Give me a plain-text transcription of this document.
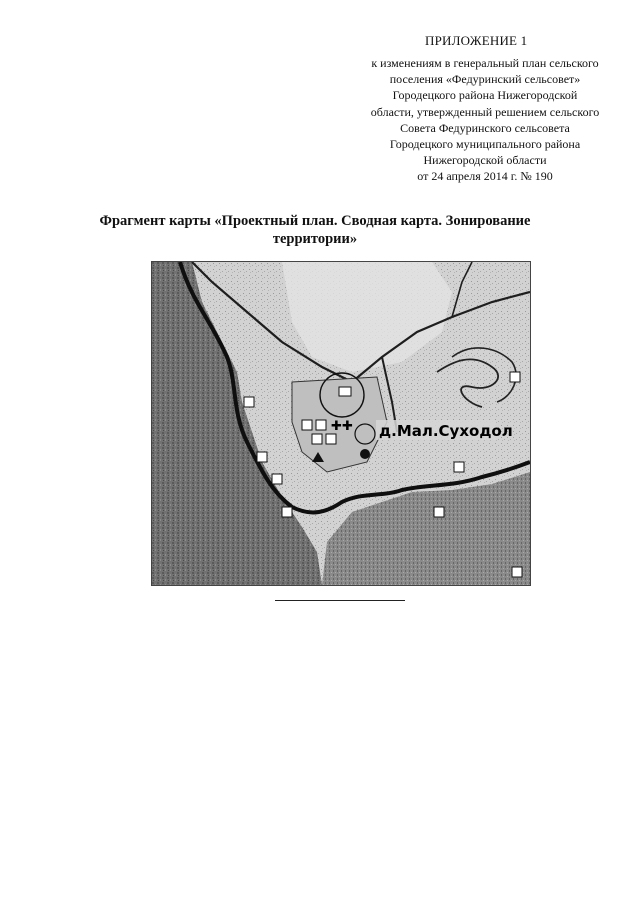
ПРИЛОЖЕНИЕ 1
к изменениям в генеральный план сельского
поселения «Федуринский сельсовет»
Городецкого района Нижегородской
области, утвержденный решением сельского
Совета Федуринского сельсовета
Городецкого муниципального района
Нижегородской области
от 24 апреля 2014 г. № 190
Фрагмент карты «Проектный план. Сводная карта. Зонирование
территории»
✚ ✚ д.Мал.Суходол
